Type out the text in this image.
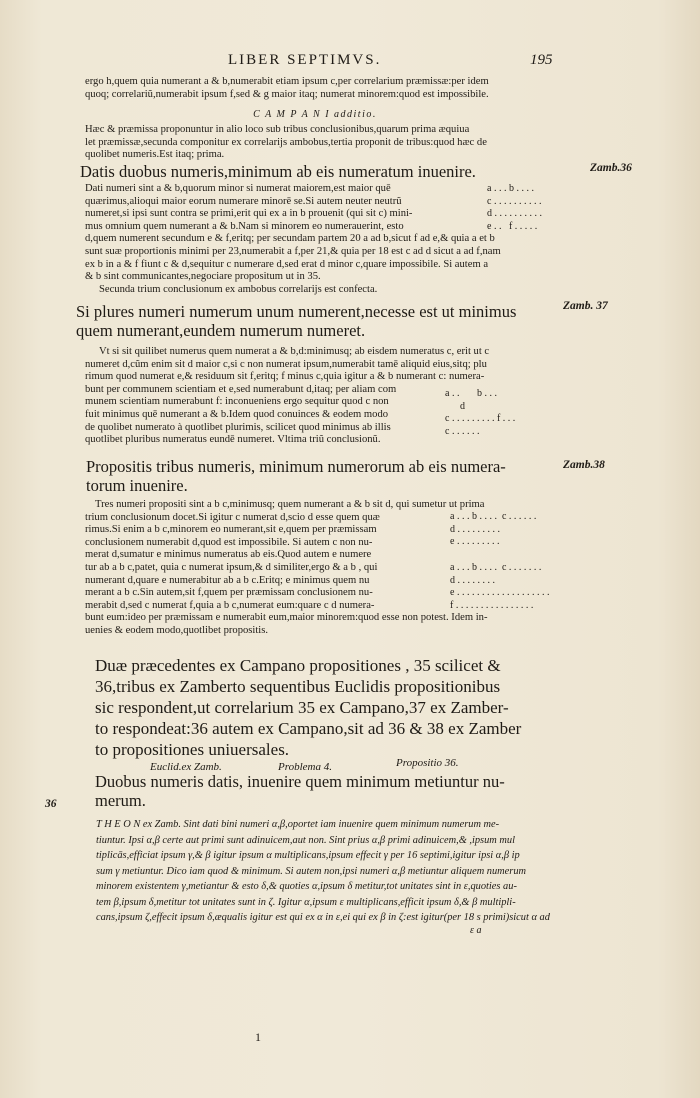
LIBER SEPTIMVS.	195

ergo h,quem quia numerant a & b,numerabit etiam ipsum c,per correlarium præmissæ:per idem
quoq; correlariũ,numerabit ipsum f,sed & g maior itaq; numerat minorem:quod est impossibile.

C A M P A N I additio.

Hæc & præmissa proponuntur in alio loco sub tribus conclusionibus,quarum prima æquiua
let præmissæ,secunda componitur ex correlarijs ambobus,tertia proponit de tribus:quod hæc de
quolibet numeris.Est itaq; prima.

Datis duobus numeris,minimum ab eis numeratum inuenire.	Zamb.36

Dati numeri sint a & b,quorum minor si numerat maiorem,est maior quē
quærimus,alioqui maior eorum numerare minorē se.Si autem neuter neutrũ
numeret,si ipsi sunt contra se primi,erit qui ex a in b prouenit (qui sit c) mini-
mus omnium quem numerant a & b.Nam si minorem eo numerauerint, esto
d,quem numerent secundum e & f,eritq; per secundam partem 20 a ad b,sicut f ad e,& quia a et b
sunt suæ proportionis minimi per 23,numerabit a f,per 21,& quia per 18 est c ad d sicut a ad f,nam
ex b in a & f fiunt c & d,sequitur c numerare d,sed erat d minor c,quare impossibile. Si autem a
& b sint communicantes,negociare propositum ut in 35.
Secunda trium conclusionum ex ambobus correlarijs est confecta.

a . . . b . . . .
c . . . . . . . . . .
d . . . . . . . . . .
e . .   f . . . . .

Si plures numeri numerum unum numerent,necesse est ut minimus
quem numerant,eundem numerum numeret.

Zamb. 37

Vt si sit quilibet numerus quem numerat a & b,d:minimusq; ab eisdem numeratus c, erit ut c
numeret d,cũm enim sit d maior c,si c non numerat ipsum,numerabit tamē aliquid eius,sitq; plu
rimum quod numerat e,& residuum sit f,eritq; f minus c,quia igitur a & b numerant c: numera-
bunt per communem scientiam et e,sed numerabunt d,itaq; per aliam com
munem scientiam numerabunt f: inconueniens ergo sequitur quod c non
fuit minimus quē numerant a & b.Idem quod conuinces & eodem modo
de quolibet numerato à quotlibet plurimis, scilicet quod minimus ab illis
quotlibet pluribus numeratus eundē numeret. Vltima triũ conclusionũ.

a . .       b . . .
d
c . . . . . . . . . f . . .
c . . . . . .

Propositis tribus numeris, minimum numerorum ab eis numera-
torum inuenire.

Zamb.38

Tres numeri propositi sint a b c,minimusq; quem numerant a & b sit d, qui sumetur ut prima
trium conclusionum docet.Si igitur c numerat d,scio d esse quem quæ
rimus.Si enim a b c,minorem eo numerant,sit e,quem per præmissam
conclusionem numerabit d,quod est impossibile. Si autem c non nu-
merat d,sumatur e minimus numeratus ab eis.Quod autem e numere
tur ab a b c,patet, quia c numerat ipsum,& d similiter,ergo & a b , qui
numerant d,quare e numerabitur ab a b c.Eritq; e minimus quem nu
merant a b c.Sin autem,sit f,quem per præmissam conclusionem nu-
merabit d,sed c numerat f,quia a b c,numerat eum:quare c d numera-
bunt eum:ideo per præmissam e numerabit eum,maior minorem:quod esse non potest. Idem in-
uenies & eodem modo,quotlibet propositis.

a . . . b . . . .  c . . . . . .
d . . . . . . . . .
e . . . . . . . . .
a . . . b . . . .  c . . . . . . .
d . . . . . . . .
e . . . . . . . . . . . . . . . . . . .
f . . . . . . . . . . . . . . . .

Duæ præcedentes ex Campano propositiones , 35 scilicet &
36,tribus ex Zamberto sequentibus Euclidis propositionibus
sic respondent,ut correlarium 35 ex Campano,37 ex Zamber-
to respondeat:36 autem ex Campano,sit ad 36 & 38 ex Zamber
to propositiones uniuersales.

Euclid.ex Zamb.	Problema 4.	Propositio 36.

Duobus numeris datis, inuenire quem minimum metiuntur nu-
merum.

36

T H E O N ex Zamb. Sint dati bini numeri α,β,oportet iam inuenire quem minimum numerum me-
tiuntur. Ipsi α,β certe aut primi sunt adinuicem,aut non. Sint prius α,β primi adinuicem,& ,ipsum mul
tiplicās,efficiat ipsum γ,& β igitur ipsum α multiplicans,ipsum effecit γ per 16 septimi,igitur ipsi α,β ip
sum γ metiuntur. Dico iam quod & minimum. Si autem non,ipsi numeri α,β metiuntur aliquem numerum
minorem existentem γ,metiantur & esto δ,& quoties α,ipsum δ metitur,tot unitates sint in ε,quoties au-
tem β,ipsum δ,metitur tot unitates sunt in ζ. Igitur α,ipsum ε multiplicans,efficit ipsum δ,& β multipli-
cans,ipsum ζ,effecit ipsum δ,æqualis igitur est qui ex α in ε,ei qui ex β in ζ:est igitur(per 18 s primi)sicut α ad

ε a
1
